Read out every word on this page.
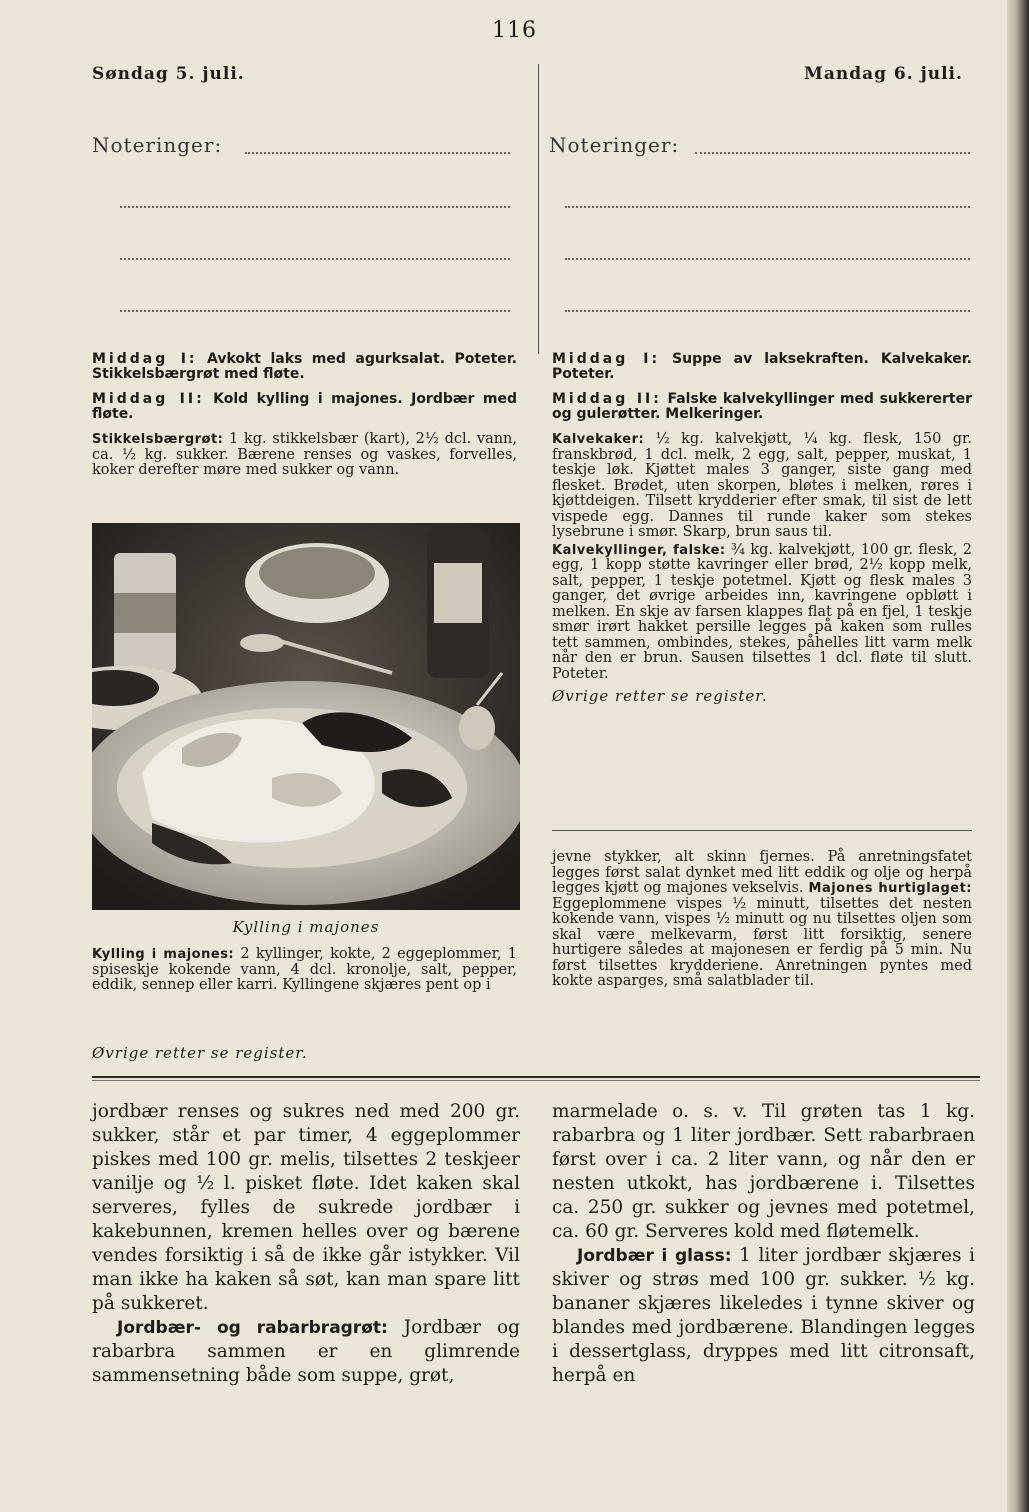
116
Søndag 5. juli.
Noteringer:

Middag I: Avkokt laks med agurksalat. Poteter. Stikkelsbærgrøt med fløte.

Middag II: Kold kylling i majones. Jordbær med fløte.

Stikkelsbærgrøt: 1 kg. stikkelsbær (kart), 2½ dcl. vann, ca. ½ kg. sukker. Bærene renses og vaskes, forvelles, koker derefter møre med sukker og vann.

Kylling i majones

Kylling i majones: 2 kyllinger, kokte, 2 eggeplommer, 1 spiseskje kokende vann, 4 dcl. kronolje, salt, pepper, eddik, sennep eller karri. Kyllingene skjæres pent op i

Øvrige retter se register.
Mandag 6. juli.
Noteringer:

Middag I: Suppe av laksekraften. Kalvekaker. Poteter.

Middag II: Falske kalvekyllinger med sukkererter og gulerøtter. Melkeringer.

Kalvekaker: ½ kg. kalvekjøtt, ¼ kg. flesk, 150 gr. franskbrød, 1 dcl. melk, 2 egg, salt, pepper, muskat, 1 teskje løk. Kjøttet males 3 ganger, siste gang med flesket. Brødet, uten skorpen, bløtes i melken, røres i kjøttdeigen. Tilsett krydderier efter smak, til sist de lett vispede egg. Dannes til runde kaker som stekes lysebrune i smør. Skarp, brun saus til.

Kalvekyllinger, falske: ¾ kg. kalvekjøtt, 100 gr. flesk, 2 egg, 1 kopp støtte kavringer eller brød, 2½ kopp melk, salt, pepper, 1 teskje potetmel. Kjøtt og flesk males 3 ganger, det øvrige arbeides inn, kavringene opbløtt i melken. En skje av farsen klappes flat på en fjel, 1 teskje smør irørt hakket persille legges på kaken som rulles tett sammen, ombindes, stekes, påhelles litt varm melk når den er brun. Sausen tilsettes 1 dcl. fløte til slutt. Poteter.

Øvrige retter se register.

jevne stykker, alt skinn fjernes. På anretningsfatet legges først salat dynket med litt eddik og olje og herpå legges kjøtt og majones vekselvis. Majones hurtiglaget: Eggeplommene vispes ½ minutt, tilsettes det nesten kokende vann, vispes ½ minutt og nu tilsettes oljen som skal være melkevarm, først litt forsiktig, senere hurtigere således at majonesen er ferdig på 5 min. Nu først tilsettes krydderiene. Anretningen pyntes med kokte asparges, små salatblader til.

jordbær renses og sukres ned med 200 gr. sukker, står et par timer, 4 eggeplommer piskes med 100 gr. melis, tilsettes 2 teskjeer vanilje og ½ l. pisket fløte. Idet kaken skal serveres, fylles de sukrede jordbær i kakebunnen, kremen helles over og bærene vendes forsiktig i så de ikke går istykker. Vil man ikke ha kaken så søt, kan man spare litt på sukkeret.

Jordbær- og rabarbragrøt: Jordbær og rabarbra sammen er en glimrende sammensetning både som suppe, grøt,

marmelade o. s. v. Til grøten tas 1 kg. rabarbra og 1 liter jordbær. Sett rabarbraen først over i ca. 2 liter vann, og når den er nesten utkokt, has jordbærene i. Tilsettes ca. 250 gr. sukker og jevnes med potetmel, ca. 60 gr. Serveres kold med fløtemelk.

Jordbær i glass: 1 liter jordbær skjæres i skiver og strøs med 100 gr. sukker. ½ kg. bananer skjæres likeledes i tynne skiver og blandes med jordbærene. Blandingen legges i dessertglass, dryppes med litt citronsaft, herpå en
